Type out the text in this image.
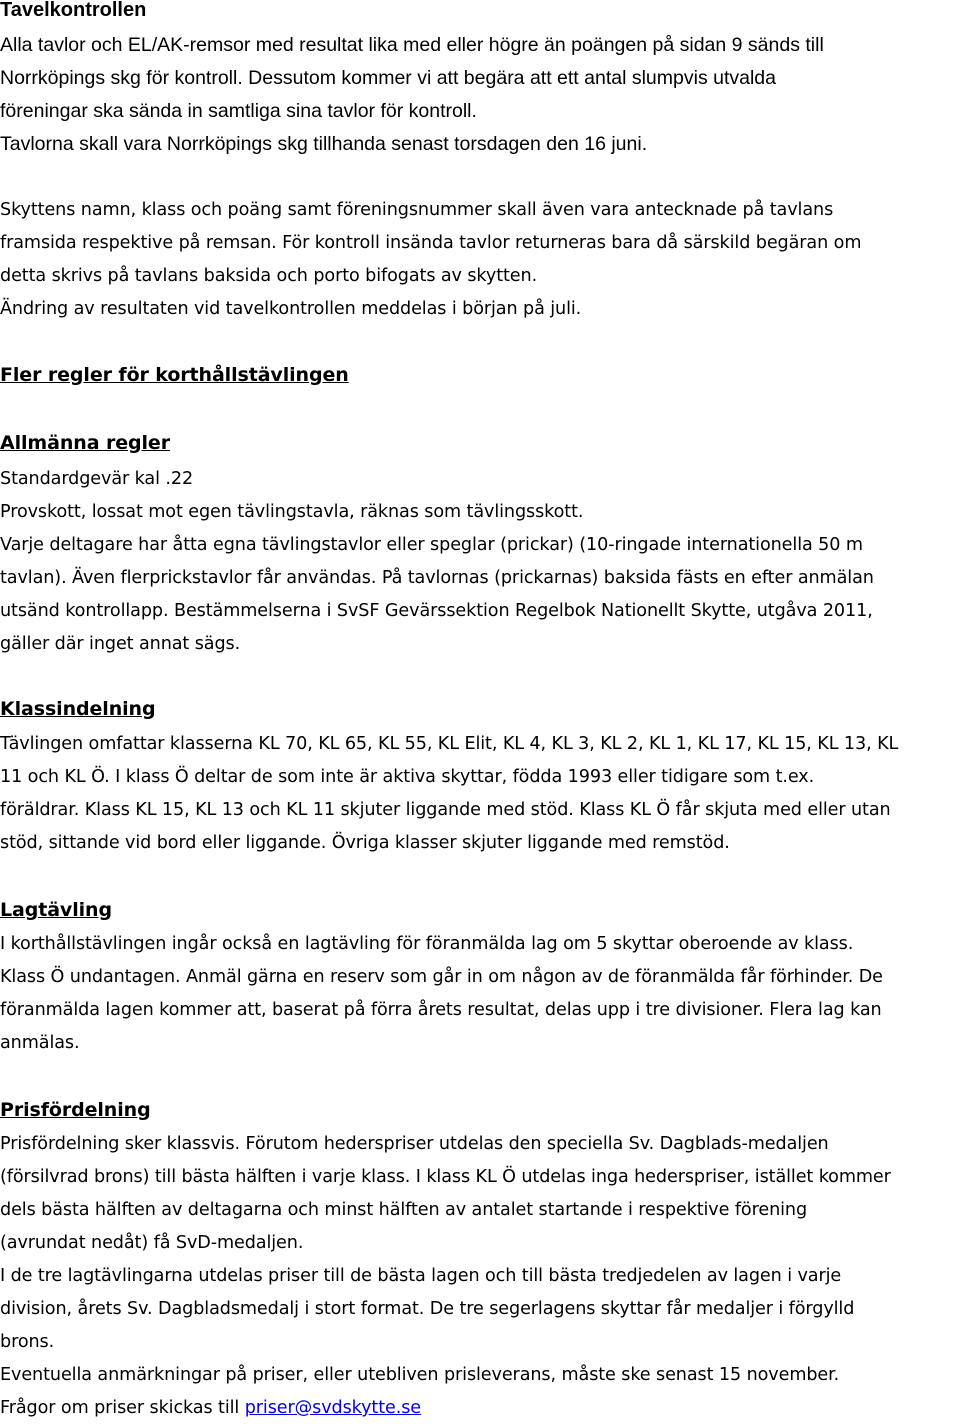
Tavelkontrollen
Alla tavlor och EL/AK-remsor med resultat lika med eller högre än poängen på sidan 9 sänds till
Norrköpings skg för kontroll. Dessutom kommer vi att begära att ett antal slumpvis utvalda
föreningar ska sända in samtliga sina tavlor för kontroll.
Tavlorna skall vara Norrköpings skg tillhanda senast torsdagen den 16 juni.
Skyttens namn, klass och poäng samt föreningsnummer skall även vara antecknade på tavlans
framsida respektive på remsan. För kontroll insända tavlor returneras bara då särskild begäran om
detta skrivs på tavlans baksida och porto bifogats av skytten.
Ändring av resultaten vid tavelkontrollen meddelas i början på juli.
Fler regler för korthållstävlingen
Allmänna regler
Standardgevär kal .22
Provskott, lossat mot egen tävlingstavla, räknas som tävlingsskott.
Varje deltagare har åtta egna tävlingstavlor eller speglar (prickar) (10-ringade internationella 50 m
tavlan). Även flerprickstavlor får användas. På tavlornas (prickarnas) baksida fästs en efter anmälan
utsänd kontrollapp. Bestämmelserna i SvSF Gevärssektion Regelbok Nationellt Skytte, utgåva 2011,
gäller där inget annat sägs.
Klassindelning
Tävlingen omfattar klasserna KL 70, KL 65, KL 55, KL Elit, KL 4, KL 3, KL 2, KL 1, KL 17, KL 15, KL 13, KL
11 och KL Ö. I klass Ö deltar de som inte är aktiva skyttar, födda 1993 eller tidigare som t.ex.
föräldrar. Klass KL 15, KL 13 och KL 11 skjuter liggande med stöd. Klass KL Ö får skjuta med eller utan
stöd, sittande vid bord eller liggande. Övriga klasser skjuter liggande med remstöd.
Lagtävling
I korthållstävlingen ingår också en lagtävling för föranmälda lag om 5 skyttar oberoende av klass.
Klass Ö undantagen. Anmäl gärna en reserv som går in om någon av de föranmälda får förhinder. De
föranmälda lagen kommer att, baserat på förra årets resultat, delas upp i tre divisioner. Flera lag kan
anmälas.
Prisfördelning
Prisfördelning sker klassvis. Förutom hederspriser utdelas den speciella Sv. Dagblads-medaljen
(försilvrad brons) till bästa hälften i varje klass. I klass KL Ö utdelas inga hederspriser, istället kommer
dels bästa hälften av deltagarna och minst hälften av antalet startande i respektive förening
(avrundat nedåt) få SvD-medaljen.
I de tre lagtävlingarna utdelas priser till de bästa lagen och till bästa tredjedelen av lagen i varje
division, årets Sv. Dagbladsmedalj i stort format. De tre segerlagens skyttar får medaljer i förgylld
brons.
Eventuella anmärkningar på priser, eller utebliven prisleverans, måste ske senast 15 november.
Frågor om priser skickas till priser@svdskytte.se
